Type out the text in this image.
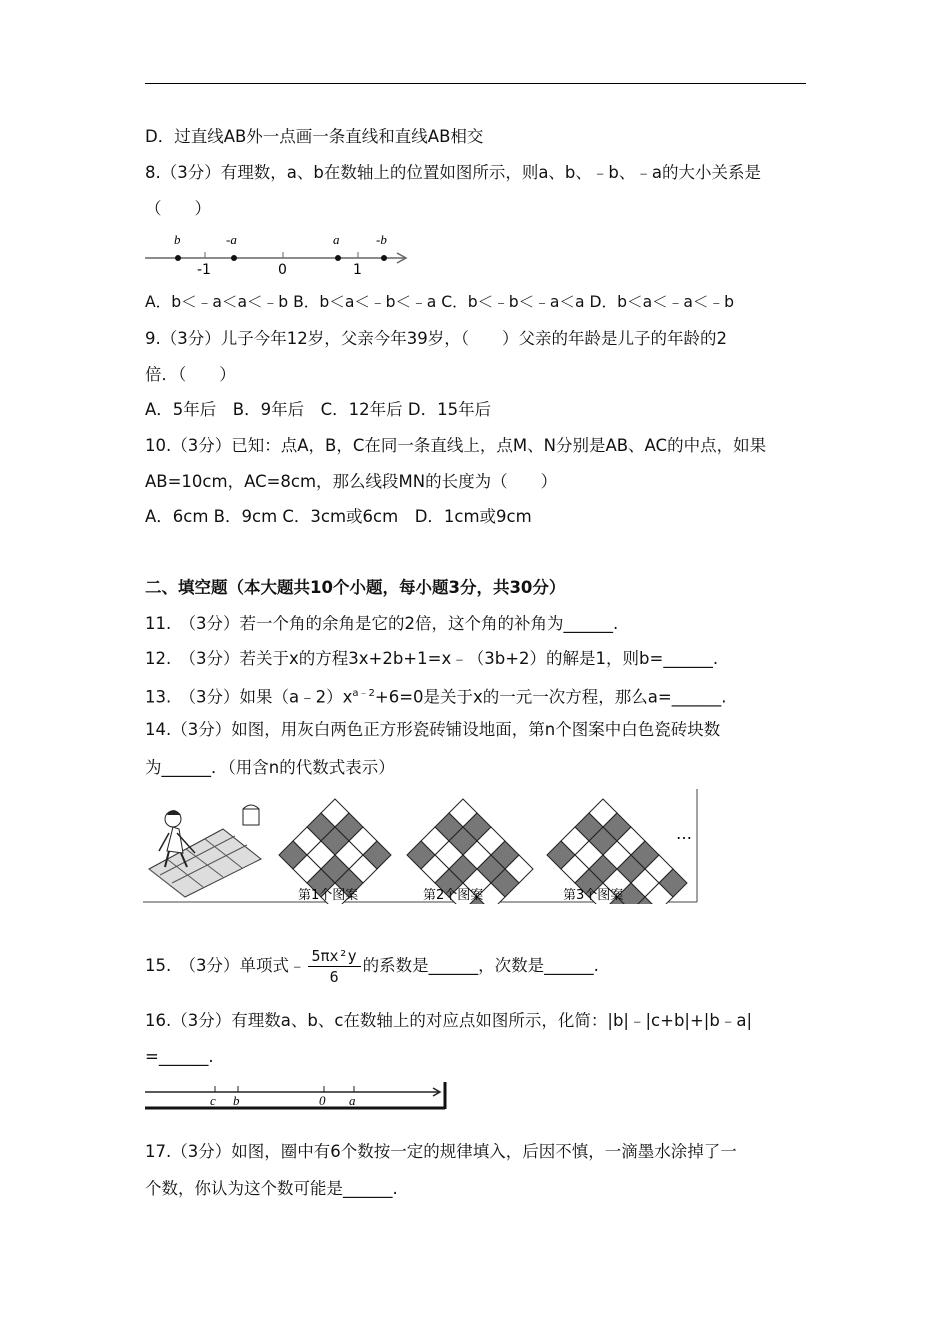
D．过直线AB外一点画一条直线和直线AB相交
8.（3分）有理数，a、b在数轴上的位置如图所示，则a、b、﹣b、﹣a的大小关系是
（　　）
b	-a	a	-b
-1	0	1
A．b＜﹣a＜a＜﹣b B．b＜a＜﹣b＜﹣a C．b＜﹣b＜﹣a＜a D．b＜a＜﹣a＜﹣b
9.（3分）儿子今年12岁，父亲今年39岁，（　　）父亲的年龄是儿子的年龄的2
倍．（　　）
A．5年后　B．9年后　C．12年后 D．15年后
10.（3分）已知：点A，B，C在同一条直线上，点M、N分别是AB、AC的中点，如果
AB=10cm，AC=8cm，那么线段MN的长度为（　　）
A．6cm B．9cm C．3cm或6cm　D．1cm或9cm
二、填空题（本大题共10个小题，每小题3分，共30分）
11.　（3分）若一个角的余角是它的2倍，这个角的补角为______.
12.　（3分）若关于x的方程3x+2b+1=x﹣（3b+2）的解是1，则b=______.
13.　（3分）如果$(a﹣2)x^{a﹣2}+6=0$是关于x的一元一次方程，那么a=______.
14.（3分）如图，用灰白两色正方形瓷砖铺设地面，第n个图案中白色瓷砖块数
为______．（用含n的代数式表示）
第1个图案	第2个图案	第3个图案
…
15.　（3分）单项式﹣ $\frac{\text{5πx²y}}{6}$ 的系数是______，次数是______.
16.（3分）有理数a、b、c在数轴上的对应点如图所示，化简：|b|﹣|c+b|+|b﹣a|
=______.
c b	0 a
17.（3分）如图，圈中有6个数按一定的规律填入，后因不慎，一滴墨水涂掉了一
个数，你认为这个数可能是______.
